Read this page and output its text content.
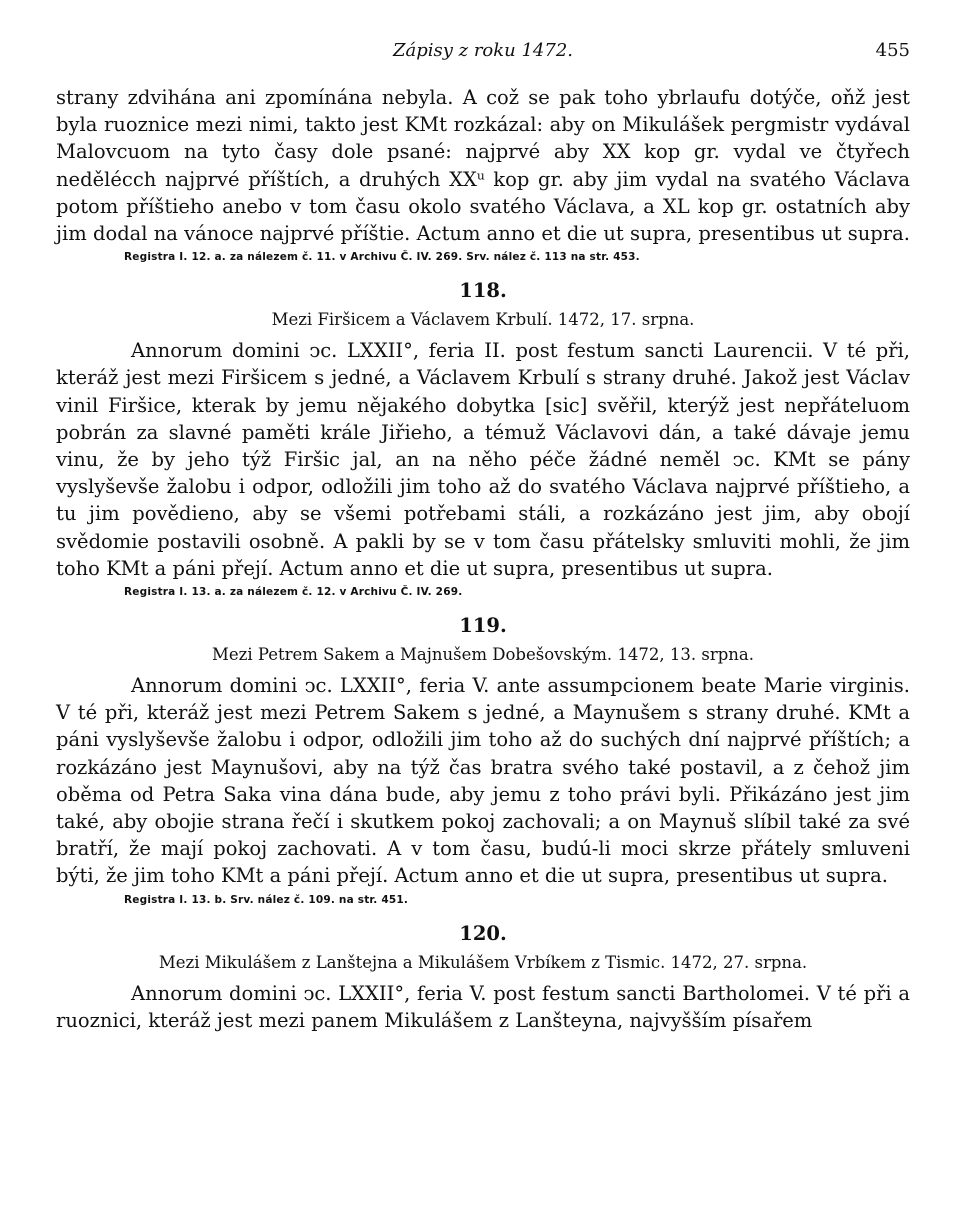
Zápisy z roku 1472.	455

strany zdvihána ani zpomínána nebyla. A což se pak toho ybrlaufu dotýče, oňž jest byla ruoznice mezi nimi, takto jest KMt rozkázal: aby on Mikulášek pergmistr vydával Malovcuom na tyto časy dole psané: najprvé aby XX kop gr. vydal ve čtyřech nedělécch najprvé příštích, a druhých XXᵘ kop gr. aby jim vydal na svatého Václava potom příštieho anebo v tom času okolo svatého Václava, a XL kop gr. ostatních aby jim dodal na vánoce najprvé příštie. Actum anno et die ut supra, presentibus ut supra.

Registra I. 12. a. za nálezem č. 11. v Archivu Č. IV. 269. Srv. nález č. 113 na str. 453.
118.
Mezi Firšicem a Václavem Krbulí. 1472, 17. srpna.

Annorum domini ↄc. LXXII°, feria II. post festum sancti Laurencii. V té při, kteráž jest mezi Firšicem s jedné, a Václavem Krbulí s strany druhé. Jakož jest Václav vinil Firšice, kterak by jemu nějakého dobytka [sic] svěřil, kterýž jest nepřáteluom pobrán za slavné paměti krále Jiřieho, a témuž Václavovi dán, a také dávaje jemu vinu, že by jeho týž Firšic jal, an na něho péče žádné neměl ↄc. KMt se pány vyslyševše žalobu i odpor, odložili jim toho až do svatého Václava najprvé příštieho, a tu jim povědieno, aby se všemi potřebami stáli, a rozkázáno jest jim, aby obojí svědomie postavili osobně. A pakli by se v tom času přátelsky smluviti mohli, že jim toho KMt a páni přejí. Actum anno et die ut supra, presentibus ut supra.

Registra I. 13. a. za nálezem č. 12. v Archivu Č. IV. 269.
119.
Mezi Petrem Sakem a Majnušem Dobešovským. 1472, 13. srpna.

Annorum domini ↄc. LXXII°, feria V. ante assumpcionem beate Marie virginis. V té při, kteráž jest mezi Petrem Sakem s jedné, a Maynušem s strany druhé. KMt a páni vyslyševše žalobu i odpor, odložili jim toho až do suchých dní najprvé příštích; a rozkázáno jest Maynušovi, aby na týž čas bratra svého také postavil, a z čehož jim oběma od Petra Saka vina dána bude, aby jemu z toho právi byli. Přikázáno jest jim také, aby obojie strana řečí i skutkem pokoj zachovali; a on Maynuš slíbil také za své bratří, že mají pokoj zachovati. A v tom času, budú-li moci skrze přátely smluveni býti, že jim toho KMt a páni přejí. Actum anno et die ut supra, presentibus ut supra.

Registra I. 13. b. Srv. nález č. 109. na str. 451.
120.
Mezi Mikulášem z Lanštejna a Mikulášem Vrbíkem z Tismic. 1472, 27. srpna.

Annorum domini ↄc. LXXII°, feria V. post festum sancti Bartholomei. V té při a ruoznici, kteráž jest mezi panem Mikulášem z Lanšteyna, najvyšším písařem
